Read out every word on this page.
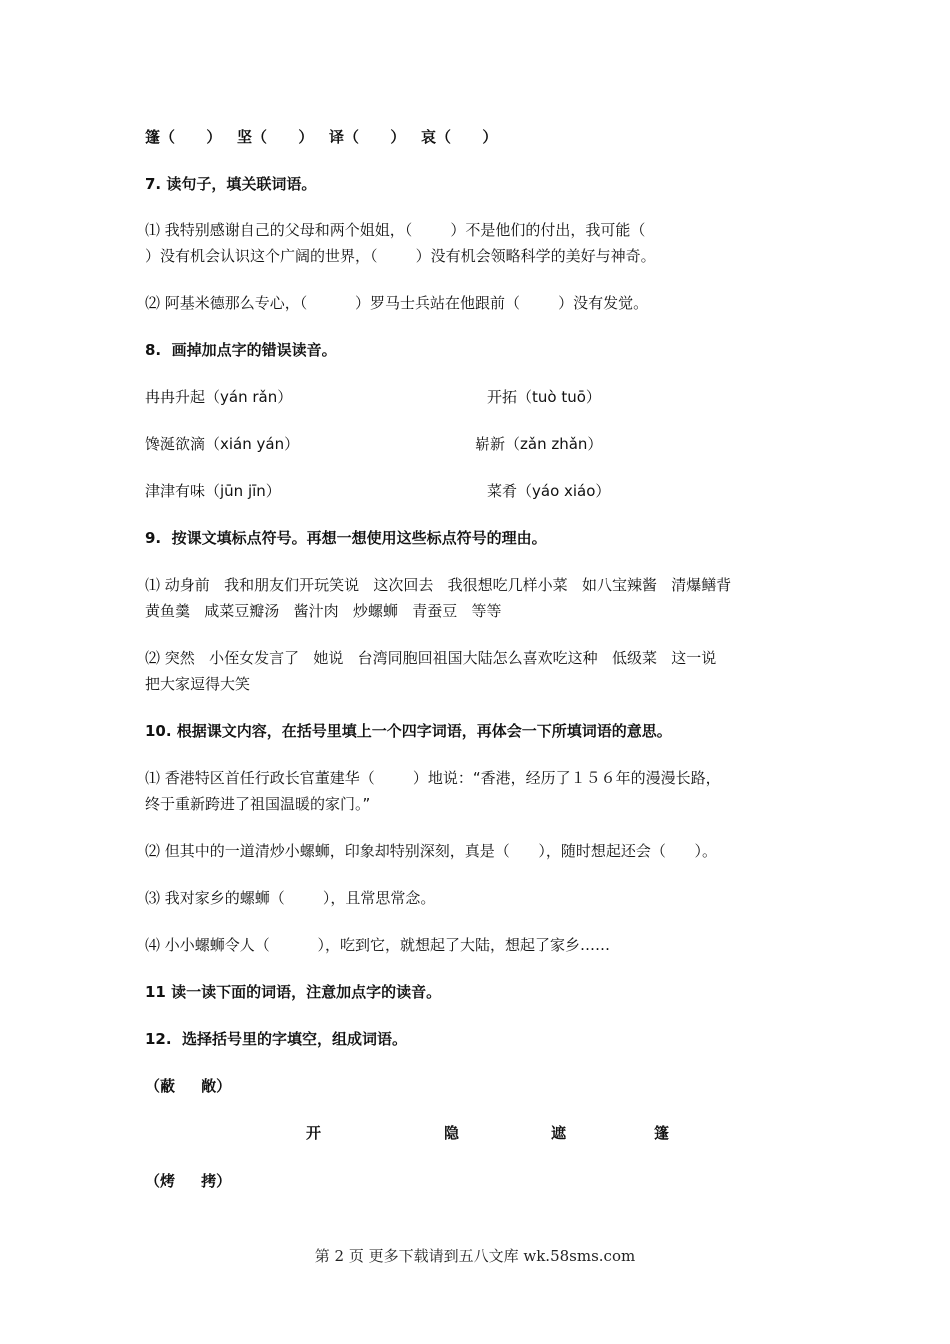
篷（      ）   坚（      ）   译（      ）   哀（      ）
7. 读句子，填关联词语。
⑴ 我特别感谢自己的父母和两个姐姐，（        ）不是他们的付出，我可能（
）没有机会认识这个广阔的世界，（        ）没有机会领略科学的美好与神奇。
⑵ 阿基米德那么专心，（          ）罗马士兵站在他跟前（        ）没有发觉。
8.  画掉加点字的错误读音。
冉冉升起（yán rǎn）	开拓（tuò tuō）
馋涎欲滴（xián yán）	崭新（zǎn zhǎn）
津津有味（jūn jīn）	菜肴（yáo xiáo）
9.  按课文填标点符号。再想一想使用这些标点符号的理由。
⑴ 动身前   我和朋友们开玩笑说   这次回去   我很想吃几样小菜   如八宝辣酱   清爆鳝背
黄鱼羹   咸菜豆瓣汤   酱汁肉   炒螺蛳   青蚕豆   等等
⑵ 突然   小侄女发言了   她说   台湾同胞回祖国大陆怎么喜欢吃这种   低级菜   这一说
把大家逗得大笑
10. 根据课文内容，在括号里填上一个四字词语，再体会一下所填词语的意思。
⑴ 香港特区首任行政长官董建华（        ）地说：“香港，经历了１５６年的漫漫长路，
终于重新跨进了祖国温暖的家门。”
⑵ 但其中的一道清炒小螺蛳，印象却特别深刻，真是（      ），随时想起还会（      ）。
⑶ 我对家乡的螺蛳（        ），且常思常念。
⑷ 小小螺蛳令人（          ），吃到它，就想起了大陆，想起了家乡……
11 读一读下面的词语，注意加点字的读音。
12.  选择括号里的字填空，组成词语。
（蔽     敞）
开	隐	遮	篷
（烤     拷）
第 2 页 更多下载请到五八文库 wk.58sms.com
